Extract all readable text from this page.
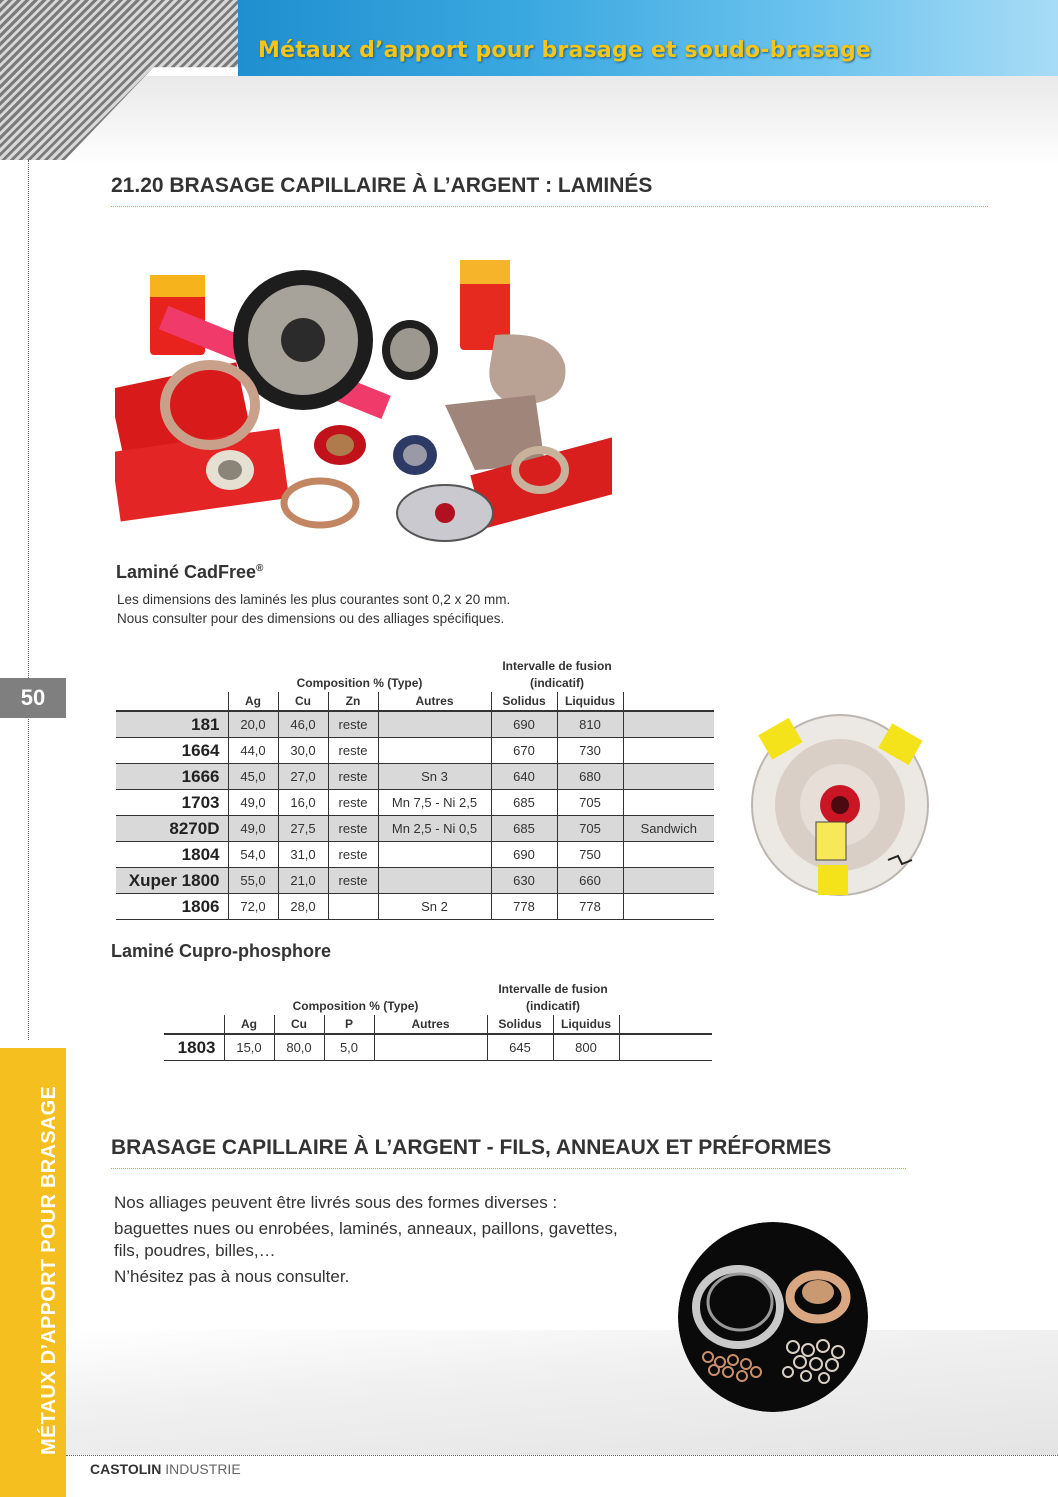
Métaux d’apport pour brasage et soudo-brasage
50
MÉTAUX D’APPORT POUR BRASAGE
21.20 BRASAGE CAPILLAIRE À L’ARGENT : LAMINÉS
Laminé CadFree®
Les dimensions des laminés les plus courantes sont 0,2 x 20 mm.
Nous consulter pour des dimensions ou des alliages spécifiques.
	Composition % (Type)				Intervalle de fusion
(indicatif)		
	Ag	Cu	Zn	Autres	Solidus	Liquidus	
181	20,0	46,0	reste		690	810	
1664	44,0	30,0	reste		670	730	
1666	45,0	27,0	reste	Sn 3	640	680	
1703	49,0	16,0	reste	Mn 7,5 - Ni 2,5	685	705	
8270D	49,0	27,5	reste	Mn 2,5 - Ni 0,5	685	705	Sandwich
1804	54,0	31,0	reste		690	750	
Xuper 1800	55,0	21,0	reste		630	660	
1806	72,0	28,0		Sn 2	778	778	
Laminé Cupro-phosphore
	Composition % (Type)				Intervalle de fusion
(indicatif)		
	Ag	Cu	P	Autres	Solidus	Liquidus	
1803	15,0	80,0	5,0		645	800	
BRASAGE CAPILLAIRE À L’ARGENT - FILS, ANNEAUX ET PRÉFORMES
Nos alliages peuvent être livrés sous des formes diverses :
baguettes nues ou enrobées, laminés, anneaux, paillons, gavettes,
fils, poudres, billes,…
N’hésitez pas à nous consulter.
CASTOLIN INDUSTRIE
